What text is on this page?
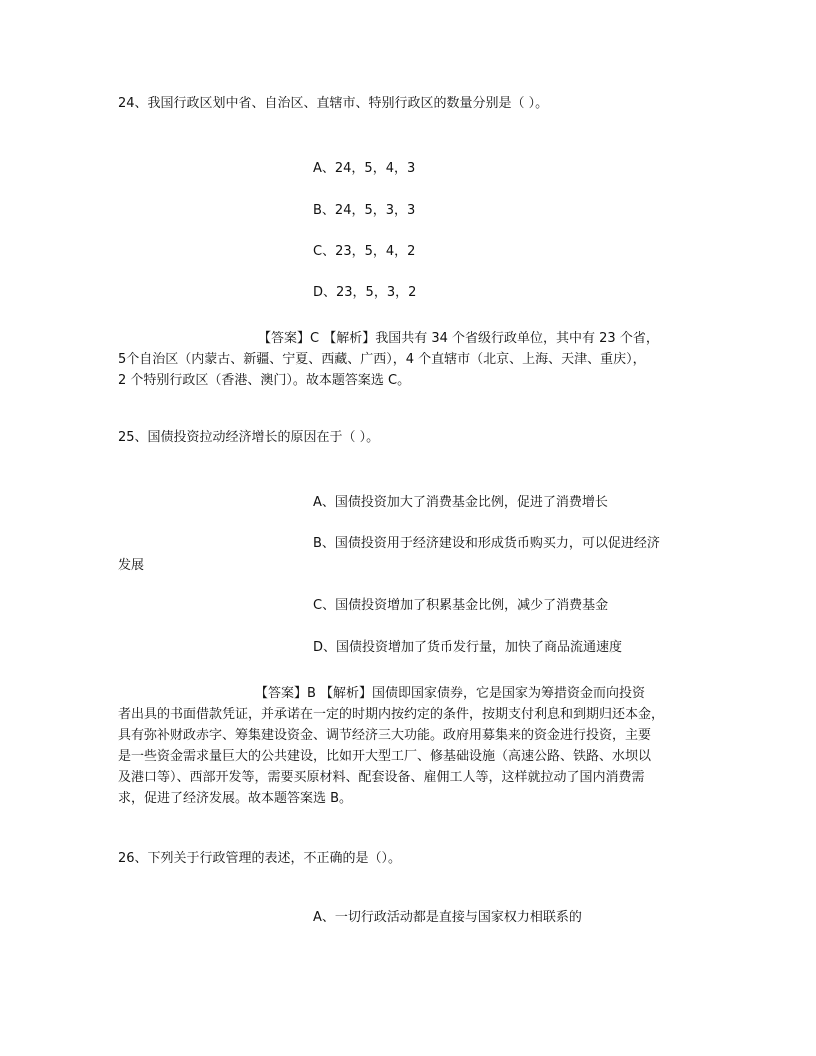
24、我国行政区划中省、自治区、直辖市、特别行政区的数量分别是（ ）。
A、24，5，4，3
B、24，5，3，3
C、23，5，4，2
D、23，5，3，2
【答案】C 【解析】我国共有 34 个省级行政单位，其中有 23 个省，
5个自治区（内蒙古、新疆、宁夏、西藏、广西），4 个直辖市（北京、上海、天津、重庆），
2 个特别行政区（香港、澳门）。故本题答案选 C。
25、国债投资拉动经济增长的原因在于（ ）。
A、国债投资加大了消费基金比例，促进了消费增长
B、国债投资用于经济建设和形成货币购买力，可以促进经济
发展
C、国债投资增加了积累基金比例，减少了消费基金
D、国债投资增加了货币发行量，加快了商品流通速度
【答案】B 【解析】国债即国家债券，它是国家为筹措资金而向投资
者出具的书面借款凭证，并承诺在一定的时期内按约定的条件，按期支付利息和到期归还本金，
具有弥补财政赤字、筹集建设资金、调节经济三大功能。政府用募集来的资金进行投资，主要
是一些资金需求量巨大的公共建设，比如开大型工厂、修基础设施（高速公路、铁路、水坝以
及港口等）、西部开发等，需要买原材料、配套设备、雇佣工人等，这样就拉动了国内消费需
求，促进了经济发展。故本题答案选 B。
26、下列关于行政管理的表述，不正确的是（）。
A、一切行政活动都是直接与国家权力相联系的
